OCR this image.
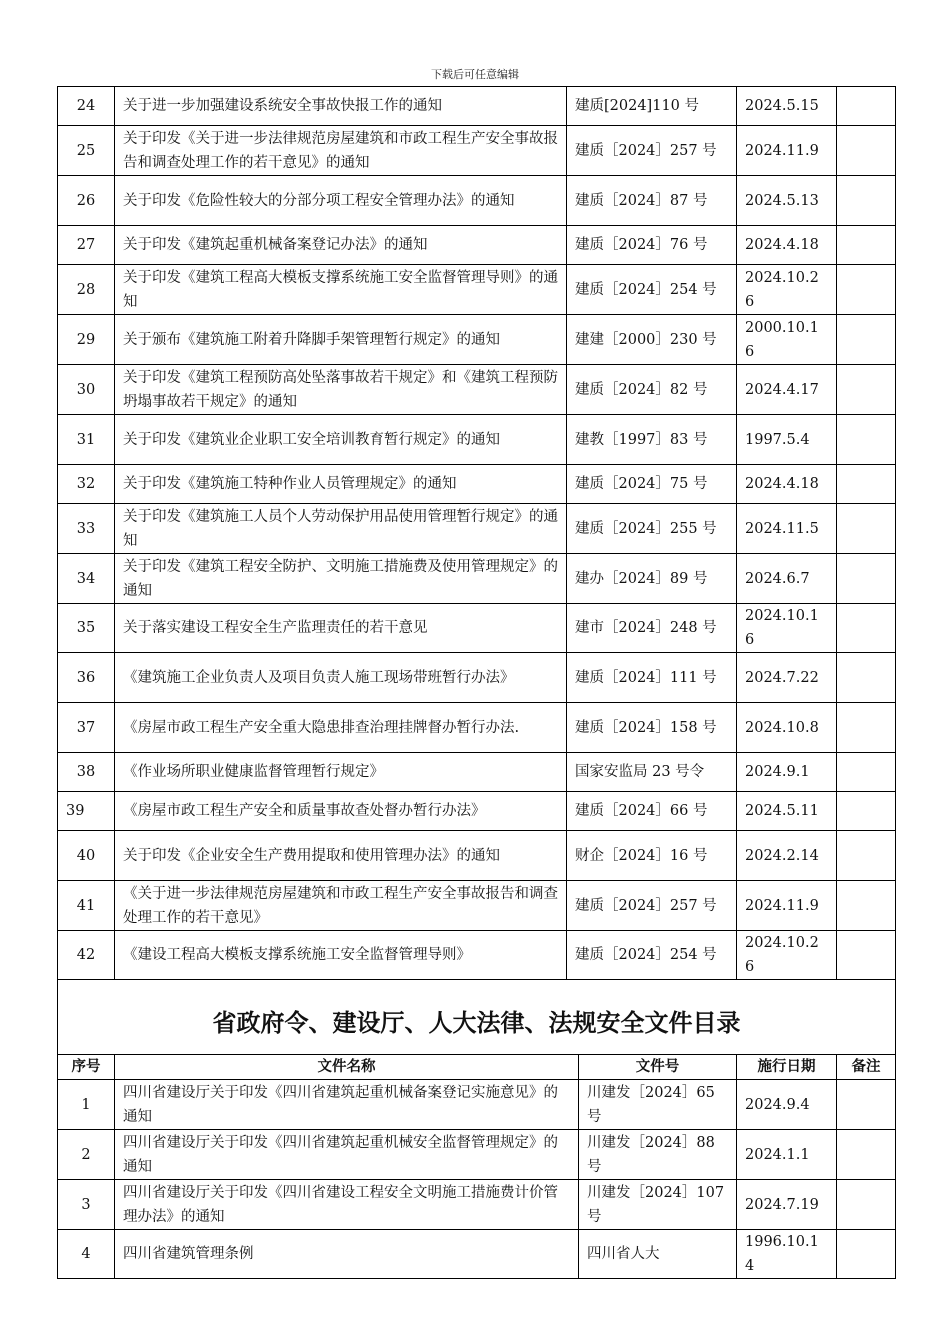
下载后可任意编辑
24	关于进一步加强建设系统安全事故快报工作的通知	建质[2024]110 号	2024.5.15	
25	关于印发《关于进一步法律规范房屋建筑和市政工程生产安全事故报告和调查处理工作的若干意见》的通知	建质［2024］257 号	2024.11.9	
26	关于印发《危险性较大的分部分项工程安全管理办法》的通知	建质［2024］87 号	2024.5.13	
27	关于印发《建筑起重机械备案登记办法》的通知	建质［2024］76 号	2024.4.18	
28	关于印发《建筑工程高大模板支撑系统施工安全监督管理导则》的通知	建质［2024］254 号	2024.10.26	
29	关于颁布《建筑施工附着升降脚手架管理暂行规定》的通知	建建［2000］230 号	2000.10.16	
30	关于印发《建筑工程预防高处坠落事故若干规定》和《建筑工程预防坍塌事故若干规定》的通知	建质［2024］82 号	2024.4.17	
31	关于印发《建筑业企业职工安全培训教育暂行规定》的通知	建教［1997］83 号	1997.5.4	
32	关于印发《建筑施工特种作业人员管理规定》的通知	建质［2024］75 号	2024.4.18	
33	关于印发《建筑施工人员个人劳动保护用品使用管理暂行规定》的通知	建质［2024］255 号	2024.11.5	
34	关于印发《建筑工程安全防护、文明施工措施费及使用管理规定》的通知	建办［2024］89 号	2024.6.7	
35	关于落实建设工程安全生产监理责任的若干意见	建市［2024］248 号	2024.10.16	
36	《建筑施工企业负责人及项目负责人施工现场带班暂行办法》	建质［2024］111 号	2024.7.22	
37	《房屋市政工程生产安全重大隐患排查治理挂牌督办暂行办法.	建质［2024］158 号	2024.10.8	
38	《作业场所职业健康监督管理暂行规定》	国家安监局 23 号令	2024.9.1	
39	《房屋市政工程生产安全和质量事故查处督办暂行办法》	建质［2024］66 号	2024.5.11	
40	关于印发《企业安全生产费用提取和使用管理办法》的通知	财企［2024］16 号	2024.2.14	
41	《关于进一步法律规范房屋建筑和市政工程生产安全事故报告和调查处理工作的若干意见》	建质［2024］257 号	2024.11.9	
42	《建设工程高大模板支撑系统施工安全监督管理导则》	建质［2024］254 号	2024.10.26	
省政府令、建设厅、人大法律、法规安全文件目录				
序号	文件名称	文件号	施行日期	备注
1	四川省建设厅关于印发《四川省建筑起重机械备案登记实施意见》的通知	川建发［2024］65 号	2024.9.4	
2	四川省建设厅关于印发《四川省建筑起重机械安全监督管理规定》的通知	川建发［2024］88 号	2024.1.1	
3	四川省建设厅关于印发《四川省建设工程安全文明施工措施费计价管理办法》的通知	川建发［2024］107 号	2024.7.19	
4	四川省建筑管理条例	四川省人大	1996.10.14	
